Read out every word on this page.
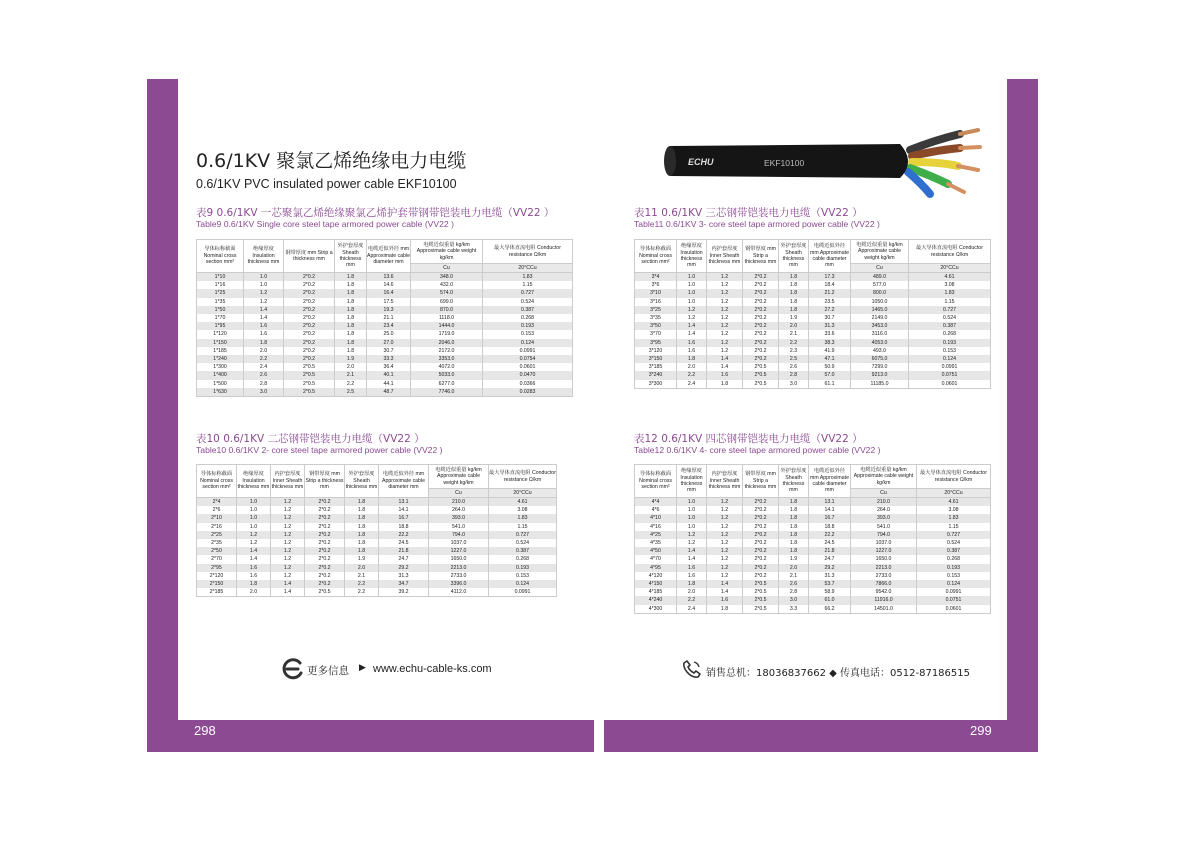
298	299
0.6/1KV 聚氯乙烯绝缘电力电缆
0.6/1KV PVC insulated power cable EKF10100
ECHU	EKF10100
表9 0.6/1KV 一芯聚氯乙烯绝缘聚氯乙烯护套带钢带铠装电力电缆（VV22 ）
Table9 0.6/1KV Single core steel tape armored power cable (VV22 )
表10 0.6/1KV 二芯钢带铠装电力电缆（VV22 ）
Table10 0.6/1KV 2- core steel tape armored power cable (VV22 )
表11 0.6/1KV 三芯钢带铠装电力电缆（VV22 ）
Table11 0.6/1KV 3- core steel tape armored power cable (VV22 )
表12 0.6/1KV 四芯钢带铠装电力电缆（VV22 ）
Table12 0.6/1KV 4- core steel tape armored power cable (VV22 )
导体标称截面 Nominal cross section mm²	绝缘厚度 Insulation thickness mm	钢带厚度 mm Strip a thickness mm	外护套厚度 Sheath thickness mm	电缆近似外径 mm Approximate cable diameter mm	电缆近似重量 kg/km Approximate cable weight kg/km	最大导体直流电阻 Conductor resistance Ω/km
					Cu	20°CCu
1*10	1.0	2*0.2	1.8	13.6	348.0	1.83
1*16	1.0	2*0.2	1.8	14.6	432.0	1.15
1*25	1.2	2*0.2	1.8	16.4	574.0	0.727
1*35	1.2	2*0.2	1.8	17.5	699.0	0.524
1*50	1.4	2*0.2	1.8	19.3	870.0	0.387
1*70	1.4	2*0.2	1.8	21.1	1118.0	0.268
1*95	1.6	2*0.2	1.8	23.4	1444.0	0.193
1*120	1.6	2*0.2	1.8	25.0	1719.0	0.153
1*150	1.8	2*0.2	1.8	27.0	2046.0	0.124
1*185	2.0	2*0.2	1.8	30.7	2172.0	0.0991
1*240	2.2	2*0.2	1.9	33.3	3353.0	0.0754
1*300	2.4	2*0.5	2.0	36.4	4072.0	0.0601
1*400	2.6	2*0.5	2.1	40.1	5033.0	0.0470
1*500	2.8	2*0.5	2.2	44.1	6277.0	0.0366
1*630	3.0	2*0.5	2.5	48.7	7746.0	0.0283
导体标称截面 Nominal cross section mm²	绝缘厚度 Insulation thickness mm	内护套厚度 Inner Sheath thickness mm	钢带厚度 mm Strip a thickness mm	外护套厚度 Sheath thickness mm	电缆近似外径 mm Approximate cable diameter mm	电缆近似重量 kg/km Approximate cable weight kg/km	最大导体直流电阻 Conductor resistance Ω/km
						Cu	20°CCu
2*4	1.0	1.2	2*0.2	1.8	13.1	210.0	4.61
2*6	1.0	1.2	2*0.2	1.8	14.1	264.0	3.08
2*10	1.0	1.2	2*0.2	1.8	16.7	393.0	1.83
2*16	1.0	1.2	2*0.2	1.8	18.8	541.0	1.15
2*25	1.2	1.2	2*0.2	1.8	22.2	794.0	0.727
2*35	1.2	1.2	2*0.2	1.8	24.5	1037.0	0.524
2*50	1.4	1.2	2*0.2	1.8	21.8	1227.0	0.387
2*70	1.4	1.2	2*0.2	1.9	24.7	1650.0	0.268
2*95	1.6	1.2	2*0.2	2.0	29.2	2213.0	0.193
2*120	1.6	1.2	2*0.2	2.1	31.3	2733.0	0.153
2*150	1.8	1.4	2*0.2	2.2	34.7	3396.0	0.124
2*185	2.0	1.4	2*0.5	2.2	39.2	4112.0	0.0991
导体标称截面 Nominal cross section mm²	绝缘厚度 Insulation thickness mm	内护套厚度 Inner Sheath thickness mm	钢带厚度 mm Strip a thickness mm	外护套厚度 Sheath thickness mm	电缆近似外径 mm Approximate cable diameter mm	电缆近似重量 kg/km Approximate cable weight kg/km	最大导体直流电阻 Conductor resistance Ω/km
						Cu	20°CCu
3*4	1.0	1.2	2*0.2	1.8	17.3	489.0	4.61
3*6	1.0	1.2	2*0.2	1.8	18.4	577.0	3.08
3*10	1.0	1.2	2*0.2	1.8	21.2	800.0	1.83
3*16	1.0	1.2	2*0.2	1.8	23.5	1050.0	1.15
3*25	1.2	1.2	2*0.2	1.8	27.2	1465.0	0.727
3*35	1.2	1.2	2*0.2	1.9	30.7	2149.0	0.524
3*50	1.4	1.2	2*0.2	2.0	31.3	3453.0	0.387
3*70	1.4	1.2	2*0.2	2.1	33.6	3116.0	0.268
3*95	1.6	1.2	2*0.2	2.2	38.3	4053.0	0.193
3*120	1.6	1.2	2*0.2	2.3	41.9	493.0	0.153
3*150	1.8	1.4	2*0.2	2.5	47.1	6075.0	0.124
3*185	2.0	1.4	2*0.5	2.6	50.9	7299.0	0.0991
3*240	2.2	1.6	2*0.5	2.8	57.0	9213.0	0.0751
3*300	2.4	1.8	2*0.5	3.0	61.1	11185.0	0.0601
导体标称截面 Nominal cross section mm²	绝缘厚度 Insulation thickness mm	内护套厚度 Inner Sheath thickness mm	钢带厚度 mm Strip a thickness mm	外护套厚度 Sheath thickness mm	电缆近似外径 mm Approximate cable diameter mm	电缆近似重量 kg/km Approximate cable weight kg/km	最大导体直流电阻 Conductor resistance Ω/km
						Cu	20°CCu
4*4	1.0	1.2	2*0.2	1.8	13.1	210.0	4.61
4*6	1.0	1.2	2*0.2	1.8	14.1	264.0	3.08
4*10	1.0	1.2	2*0.2	1.8	16.7	393.0	1.83
4*16	1.0	1.2	2*0.2	1.8	18.8	541.0	1.15
4*25	1.2	1.2	2*0.2	1.8	22.2	794.0	0.727
4*35	1.2	1.2	2*0.2	1.8	24.5	1037.0	0.524
4*50	1.4	1.2	2*0.2	1.8	21.8	1227.0	0.387
4*70	1.4	1.2	2*0.2	1.9	24.7	1650.0	0.268
4*95	1.6	1.2	2*0.2	2.0	29.2	2213.0	0.193
4*120	1.6	1.2	2*0.2	2.1	31.3	2733.0	0.153
4*150	1.8	1.4	2*0.5	2.6	53.7	7866.0	0.124
4*185	2.0	1.4	2*0.5	2.8	58.9	9542.0	0.0991
4*240	2.2	1.6	2*0.5	3.0	61.0	11916.0	0.0751
4*300	2.4	1.8	2*0.5	3.3	66.2	14501.0	0.0601
更多信息 ▶ www.echu-cable-ks.com	销售总机：18036837662 ◆ 传真电话：0512-87186515
